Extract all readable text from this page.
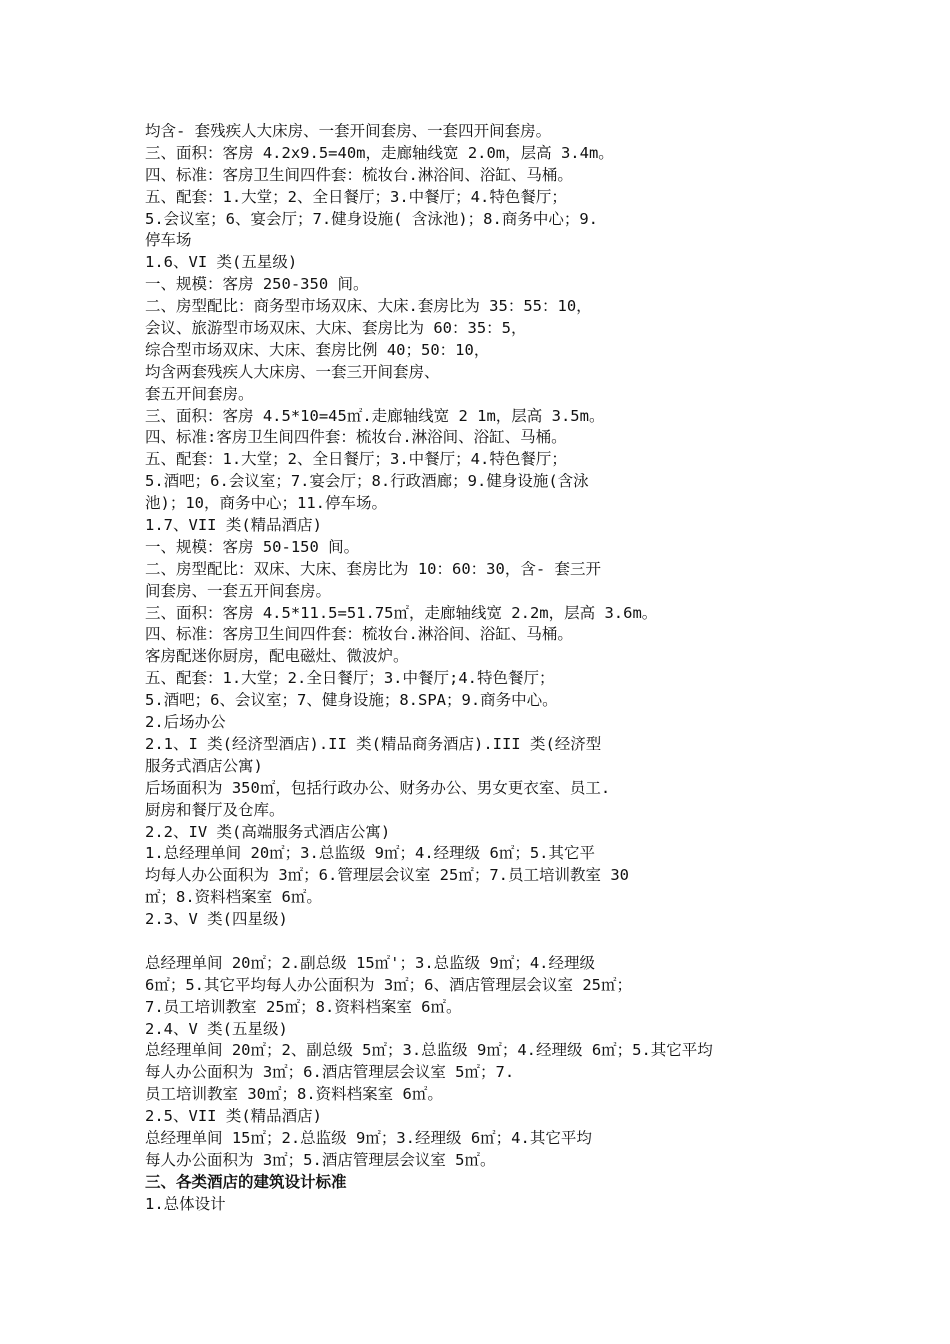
均含- 套残疾人大床房、一套开间套房、一套四开间套房。
三、面积：客房 4.2x9.5=40m，走廊轴线宽 2.0m，层高 3.4m。
四、标准：客房卫生间四件套：梳妆台.淋浴间、浴缸、马桶。
五、配套：1.大堂；2、全日餐厅；3.中餐厅；4.特色餐厅；
5.会议室；6、宴会厅；7.健身设施( 含泳池)；8.商务中心；9.
停车场
1.6、VI 类(五星级)
一、规模：客房 250-350 间。
二、房型配比：商务型市场双床、大床.套房比为 35：55：10，
会议、旅游型市场双床、大床、套房比为 60：35：5，
综合型市场双床、大床、套房比例 40；50：10，
均含两套残疾人大床房、一套三开间套房、
套五开间套房。
三、面积：客房 4.5*10=45㎡.走廊轴线宽 2 1m，层高 3.5m。
四、标准:客房卫生间四件套：梳妆台.淋浴间、浴缸、马桶。
五、配套：1.大堂；2、全日餐厅；3.中餐厅；4.特色餐厅；
5.酒吧；6.会议室；7.宴会厅；8.行政酒廊；9.健身设施(含泳
池)；10，商务中心；11.停车场。
1.7、VII 类(精品酒店)
一、规模：客房 50-150 间。
二、房型配比：双床、大床、套房比为 10：60：30，含- 套三开
间套房、一套五开间套房。
三、面积：客房 4.5*11.5=51.75㎡，走廊轴线宽 2.2m，层高 3.6m。
四、标准：客房卫生间四件套：梳妆台.淋浴间、浴缸、马桶。
客房配迷你厨房，配电磁灶、微波炉。
五、配套：1.大堂；2.全日餐厅；3.中餐厅;4.特色餐厅；
5.酒吧；6、会议室；7、健身设施；8.SPA；9.商务中心。
2.后场办公
2.1、I 类(经济型酒店).II 类(精品商务酒店).III 类(经济型
服务式酒店公寓)
后场面积为 350㎡，包括行政办公、财务办公、男女更衣室、员工.
厨房和餐厅及仓库。
2.2、IV 类(高端服务式酒店公寓)
1.总经理单间 20㎡；3.总监级 9㎡；4.经理级 6㎡；5.其它平
均每人办公面积为 3㎡；6.管理层会议室 25㎡；7.员工培训教室 30
㎡；8.资料档案室 6㎡。
2.3、V 类(四星级)
总经理单间 20㎡；2.副总级 15㎡'；3.总监级 9㎡；4.经理级
6㎡；5.其它平均每人办公面积为 3㎡；6、酒店管理层会议室 25㎡；
7.员工培训教室 25㎡；8.资料档案室 6㎡。
2.4、V 类(五星级)
总经理单间 20㎡；2、副总级 5㎡；3.总监级 9㎡；4.经理级 6㎡；5.其它平均
每人办公面积为 3㎡；6.酒店管理层会议室 5㎡；7.
员工培训教室 30㎡；8.资料档案室 6㎡。
2.5、VII 类(精品酒店)
总经理单间 15㎡；2.总监级 9㎡；3.经理级 6㎡；4.其它平均
每人办公面积为 3㎡；5.酒店管理层会议室 5㎡。
三、各类酒店的建筑设计标准
1.总体设计
